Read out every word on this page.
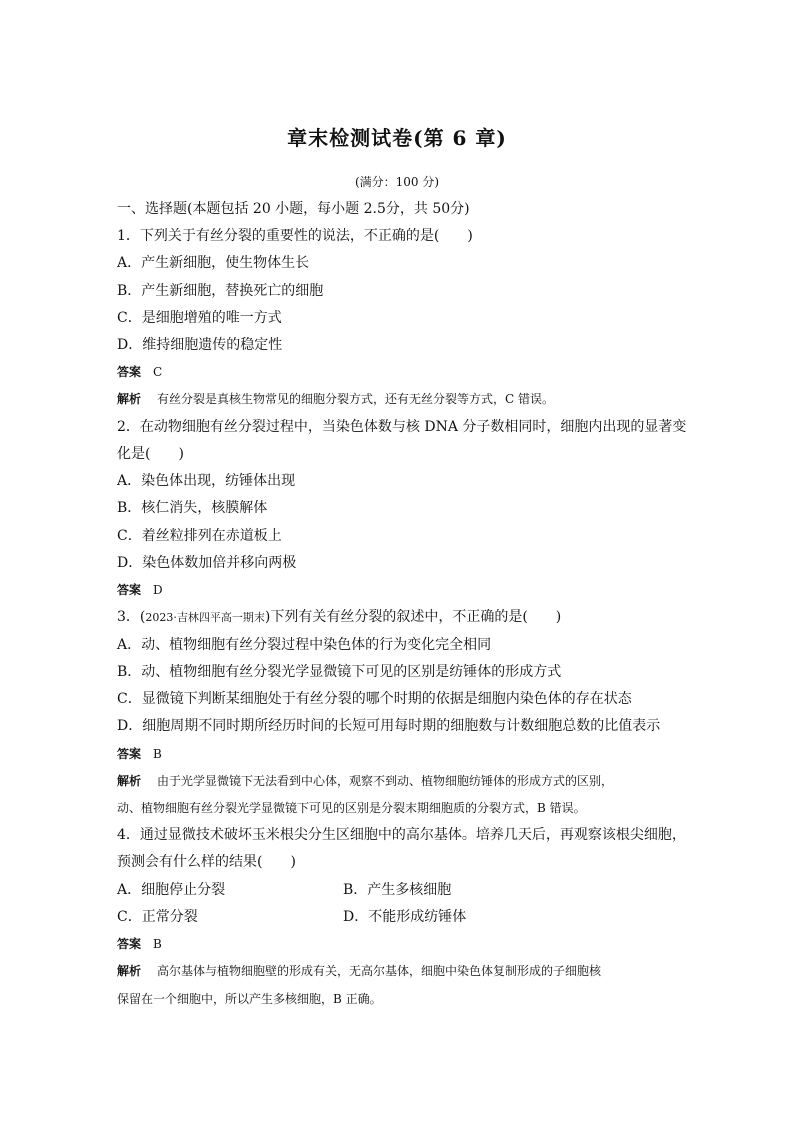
章末检测试卷(第 6 章)
(满分：100 分)
一、选择题(本题包括 20 小题，每小题 2.5分，共 50分)
1．下列关于有丝分裂的重要性的说法，不正确的是(　　)
A．产生新细胞，使生物体生长
B．产生新细胞，替换死亡的细胞
C．是细胞增殖的唯一方式
D．维持细胞遗传的稳定性
答案 C
解析 有丝分裂是真核生物常见的细胞分裂方式，还有无丝分裂等方式，C 错误。
2．在动物细胞有丝分裂过程中，当染色体数与核 DNA 分子数相同时，细胞内出现的显著变
化是(　　)
A．染色体出现，纺锤体出现
B．核仁消失，核膜解体
C．着丝粒排列在赤道板上
D．染色体数加倍并移向两极
答案 D
3．(2023·吉林四平高一期末)下列有关有丝分裂的叙述中，不正确的是(　　)
A．动、植物细胞有丝分裂过程中染色体的行为变化完全相同
B．动、植物细胞有丝分裂光学显微镜下可见的区别是纺锤体的形成方式
C．显微镜下判断某细胞处于有丝分裂的哪个时期的依据是细胞内染色体的存在状态
D．细胞周期不同时期所经历时间的长短可用每时期的细胞数与计数细胞总数的比值表示
答案 B
解析 由于光学显微镜下无法看到中心体，观察不到动、植物细胞纺锤体的形成方式的区别，
动、植物细胞有丝分裂光学显微镜下可见的区别是分裂末期细胞质的分裂方式，B 错误。
4．通过显微技术破坏玉米根尖分生区细胞中的高尔基体。培养几天后，再观察该根尖细胞，
预测会有什么样的结果(　　)
A．细胞停止分裂	B．产生多核细胞
C．正常分裂	D．不能形成纺锤体
答案 B
解析 高尔基体与植物细胞壁的形成有关，无高尔基体，细胞中染色体复制形成的子细胞核
保留在一个细胞中，所以产生多核细胞，B 正确。
